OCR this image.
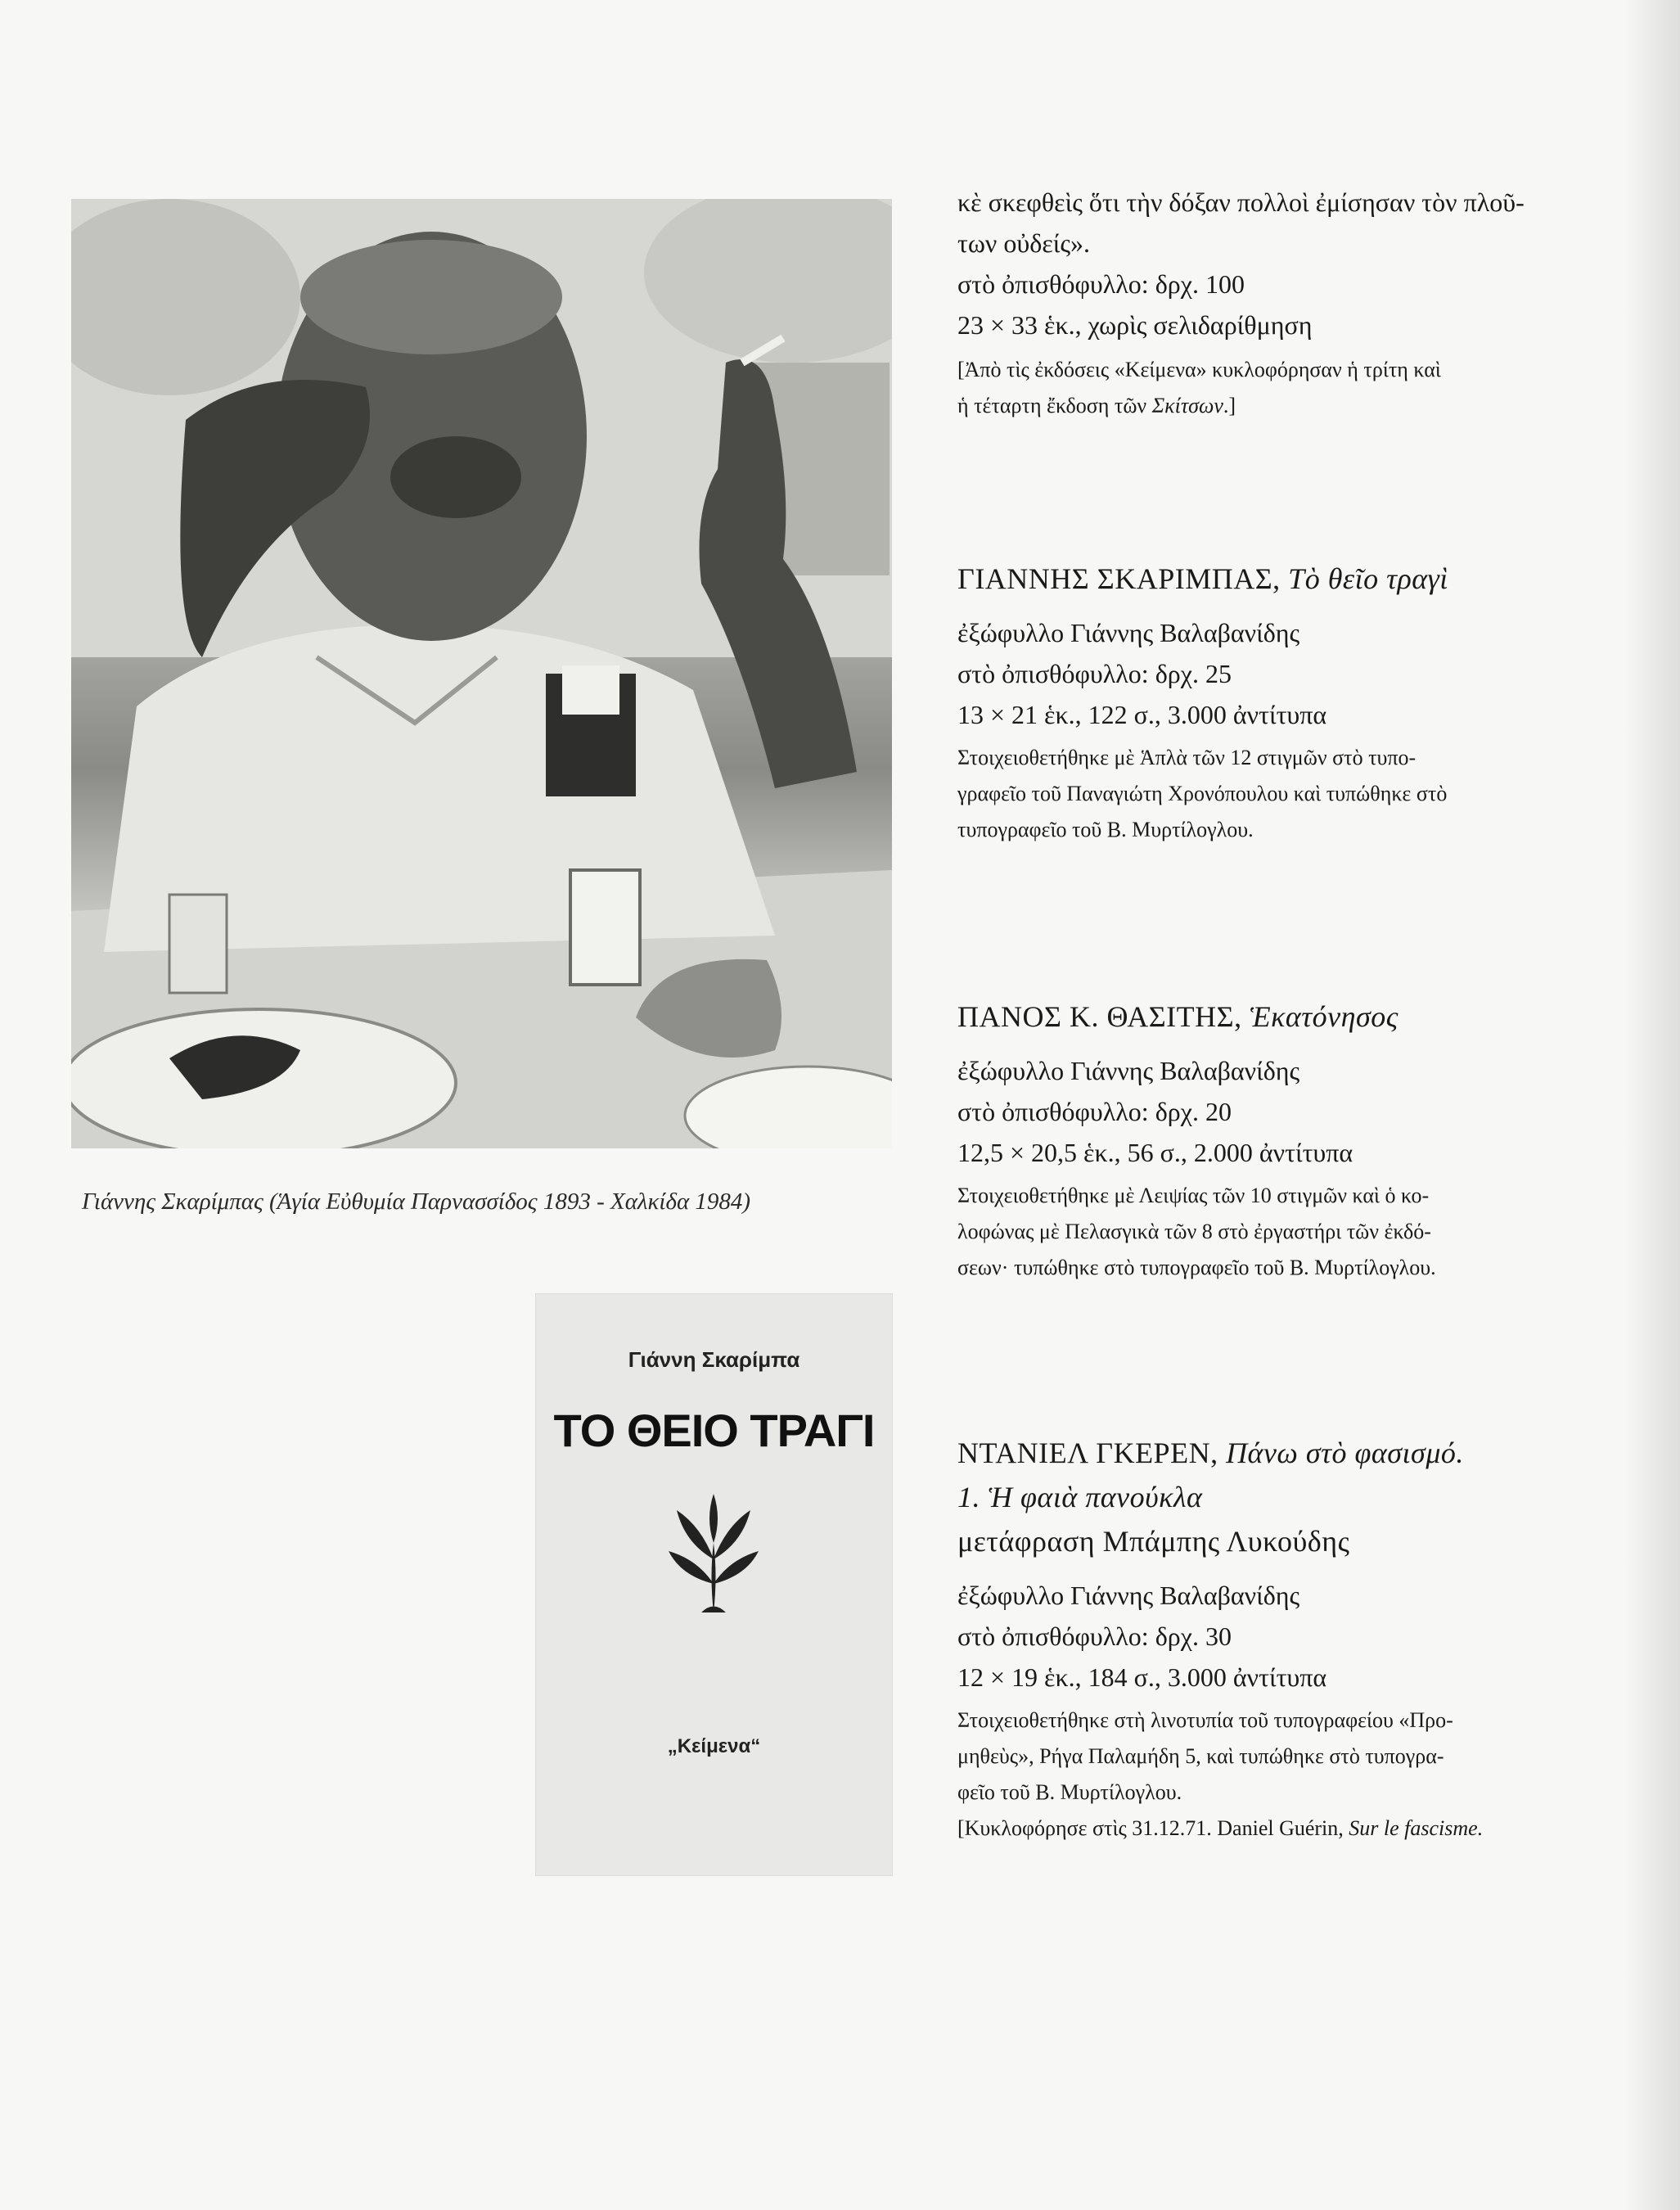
Γιάννης Σκαρίμπας (Ἁγία Εὐθυμία Παρνασσίδος 1893 - Χαλκίδα 1984)
Γιάννη Σκαρίμπα
ΤΟ ΘΕΙΟ ΤΡΑΓΙ
„Κείμενα“
κὲ σκεφθεὶς ὅτι τὴν δόξαν πολλοὶ ἐμίσησαν τὸν πλοῦ-
των οὐδείς».
στὸ ὀπισθόφυλλο: δρχ. 100
23 × 33 ἑκ., χωρὶς σελιδαρίθμηση
[Ἀπὸ τὶς ἐκδόσεις «Κείμενα» κυκλοφόρησαν ἡ τρίτη καὶ
ἡ τέταρτη ἔκδοση τῶν Σκίτσων.]
ΓΙΑΝΝΗΣ ΣΚΑΡΙΜΠΑΣ, Τὸ θεῖο τραγὶ
ἐξώφυλλο Γιάννης Βαλαβανίδης
στὸ ὀπισθόφυλλο: δρχ. 25
13 × 21 ἑκ., 122 σ., 3.000 ἀντίτυπα
Στοιχειοθετήθηκε μὲ Ἁπλὰ τῶν 12 στιγμῶν στὸ τυπο-
γραφεῖο τοῦ Παναγιώτη Χρονόπουλου καὶ τυπώθηκε στὸ
τυπογραφεῖο τοῦ Β. Μυρτίλογλου.
ΠΑΝΟΣ Κ. ΘΑΣΙΤΗΣ, Ἑκατόνησος
ἐξώφυλλο Γιάννης Βαλαβανίδης
στὸ ὀπισθόφυλλο: δρχ. 20
12,5 × 20,5 ἑκ., 56 σ., 2.000 ἀντίτυπα
Στοιχειοθετήθηκε μὲ Λειψίας τῶν 10 στιγμῶν καὶ ὁ κο-
λοφώνας μὲ Πελασγικὰ τῶν 8 στὸ ἐργαστήρι τῶν ἐκδό-
σεων· τυπώθηκε στὸ τυπογραφεῖο τοῦ Β. Μυρτίλογλου.
ΝΤΑΝΙΕΛ ΓΚΕΡΕΝ, Πάνω στὸ φασισμό.
1. Ἡ φαιὰ πανούκλα
μετάφραση Μπάμπης Λυκούδης
ἐξώφυλλο Γιάννης Βαλαβανίδης
στὸ ὀπισθόφυλλο: δρχ. 30
12 × 19 ἑκ., 184 σ., 3.000 ἀντίτυπα
Στοιχειοθετήθηκε στὴ λινοτυπία τοῦ τυπογραφείου «Προ-
μηθεὺς», Ρήγα Παλαμήδη 5, καὶ τυπώθηκε στὸ τυπογρα-
φεῖο τοῦ Β. Μυρτίλογλου.
[Κυκλοφόρησε στὶς 31.12.71. Daniel Guérin, Sur le fascisme.
